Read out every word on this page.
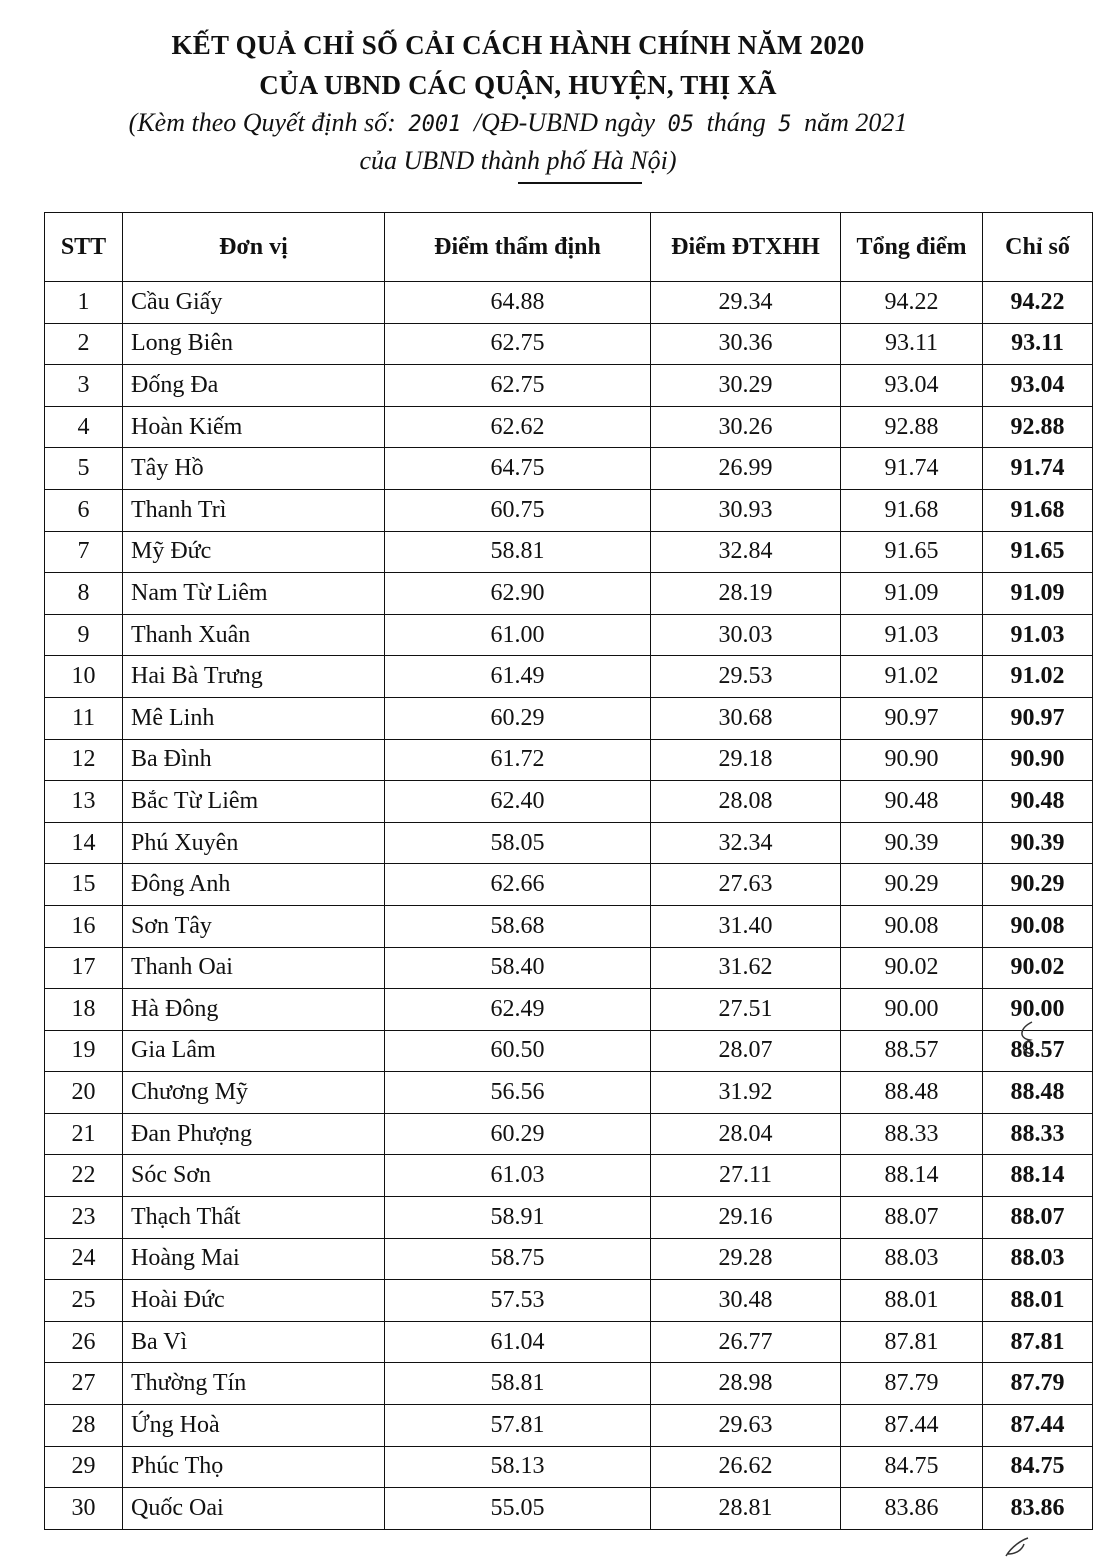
KẾT QUẢ CHỈ SỐ CẢI CÁCH HÀNH CHÍNH NĂM 2020
CỦA UBND CÁC QUẬN, HUYỆN, THỊ XÃ
(Kèm theo Quyết định số: 2001 /QĐ-UBND ngày 05 tháng 5 năm 2021
của UBND thành phố Hà Nội)
STT	Đơn vị	Điểm thẩm định	Điểm ĐTXHH	Tổng điểm	Chỉ số
1	Cầu Giấy	64.88	29.34	94.22	94.22
2	Long Biên	62.75	30.36	93.11	93.11
3	Đống Đa	62.75	30.29	93.04	93.04
4	Hoàn Kiếm	62.62	30.26	92.88	92.88
5	Tây Hồ	64.75	26.99	91.74	91.74
6	Thanh Trì	60.75	30.93	91.68	91.68
7	Mỹ Đức	58.81	32.84	91.65	91.65
8	Nam Từ Liêm	62.90	28.19	91.09	91.09
9	Thanh Xuân	61.00	30.03	91.03	91.03
10	Hai Bà Trưng	61.49	29.53	91.02	91.02
11	Mê Linh	60.29	30.68	90.97	90.97
12	Ba Đình	61.72	29.18	90.90	90.90
13	Bắc Từ Liêm	62.40	28.08	90.48	90.48
14	Phú Xuyên	58.05	32.34	90.39	90.39
15	Đông Anh	62.66	27.63	90.29	90.29
16	Sơn Tây	58.68	31.40	90.08	90.08
17	Thanh Oai	58.40	31.62	90.02	90.02
18	Hà Đông	62.49	27.51	90.00	90.00
19	Gia Lâm	60.50	28.07	88.57	88.57
20	Chương Mỹ	56.56	31.92	88.48	88.48
21	Đan Phượng	60.29	28.04	88.33	88.33
22	Sóc Sơn	61.03	27.11	88.14	88.14
23	Thạch Thất	58.91	29.16	88.07	88.07
24	Hoàng Mai	58.75	29.28	88.03	88.03
25	Hoài Đức	57.53	30.48	88.01	88.01
26	Ba Vì	61.04	26.77	87.81	87.81
27	Thường Tín	58.81	28.98	87.79	87.79
28	Ứng Hoà	57.81	29.63	87.44	87.44
29	Phúc Thọ	58.13	26.62	84.75	84.75
30	Quốc Oai	55.05	28.81	83.86	83.86
